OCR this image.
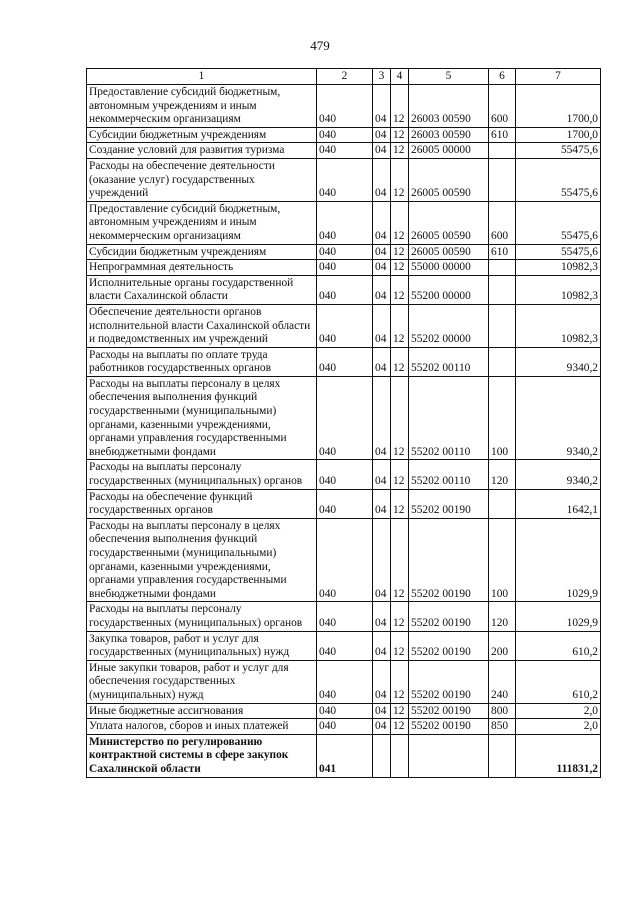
479
1	2	3	4	5	6	7
Предоставление субсидий бюджетным, автономным учреждениям и иным некоммерческим организациям	040	04	12	26003 00590	600	1700,0
Субсидии бюджетным учреждениям	040	04	12	26003 00590	610	1700,0
Создание условий для развития туризма	040	04	12	26005 00000		55475,6
Расходы на обеспечение деятельности (оказание услуг) государственных учреждений	040	04	12	26005 00590		55475,6
Предоставление субсидий бюджетным, автономным учреждениям и иным некоммерческим организациям	040	04	12	26005 00590	600	55475,6
Субсидии бюджетным учреждениям	040	04	12	26005 00590	610	55475,6
Непрограммная деятельность	040	04	12	55000 00000		10982,3
Исполнительные органы государственной власти Сахалинской области	040	04	12	55200 00000		10982,3
Обеспечение деятельности органов исполнительной власти Сахалинской области и подведомственных им учреждений	040	04	12	55202 00000		10982,3
Расходы на выплаты по оплате труда работников государственных органов	040	04	12	55202 00110		9340,2
Расходы на выплаты персоналу в целях обеспечения выполнения функций государственными (муниципальными) органами, казенными учреждениями, органами управления государственными внебюджетными фондами	040	04	12	55202 00110	100	9340,2
Расходы на выплаты персоналу государственных (муниципальных) органов	040	04	12	55202 00110	120	9340,2
Расходы на обеспечение функций государственных органов	040	04	12	55202 00190		1642,1
Расходы на выплаты персоналу в целях обеспечения выполнения функций государственными (муниципальными) органами, казенными учреждениями, органами управления государственными внебюджетными фондами	040	04	12	55202 00190	100	1029,9
Расходы на выплаты персоналу государственных (муниципальных) органов	040	04	12	55202 00190	120	1029,9
Закупка товаров, работ и услуг для государственных (муниципальных) нужд	040	04	12	55202 00190	200	610,2
Иные закупки товаров, работ и услуг для обеспечения государственных (муниципальных) нужд	040	04	12	55202 00190	240	610,2
Иные бюджетные ассигнования	040	04	12	55202 00190	800	2,0
Уплата налогов, сборов и иных платежей	040	04	12	55202 00190	850	2,0
Министерство по регулированию контрактной системы в сфере закупок Сахалинской области	041					111831,2
